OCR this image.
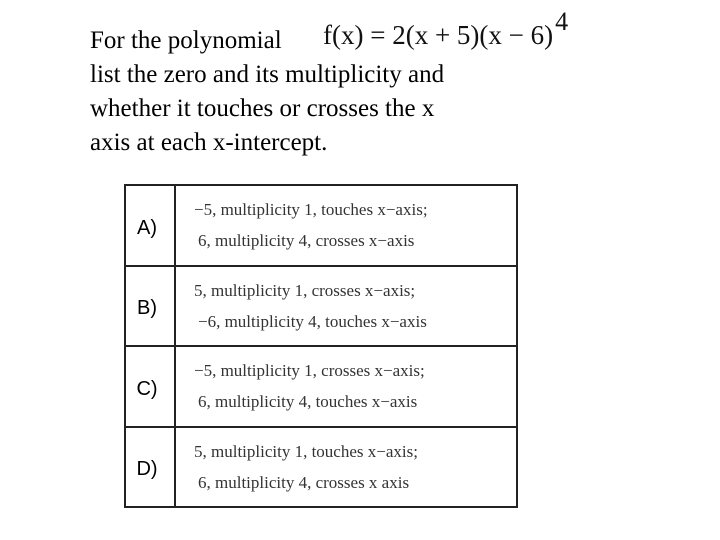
For the polynomial
list the zero and its multiplicity and
whether it touches or crosses the x
axis at each x-intercept.
f(x) = 2(x + 5)(x − 6)4
A)	−5, multiplicity 1, touches x−axis;
6, multiplicity 4, crosses x−axis

B)	5, multiplicity 1, crosses x−axis;
−6, multiplicity 4, touches x−axis

C)	−5, multiplicity 1, crosses x−axis;
6, multiplicity 4, touches x−axis

D)	5, multiplicity 1, touches x−axis;
6, multiplicity 4, crosses x axis
